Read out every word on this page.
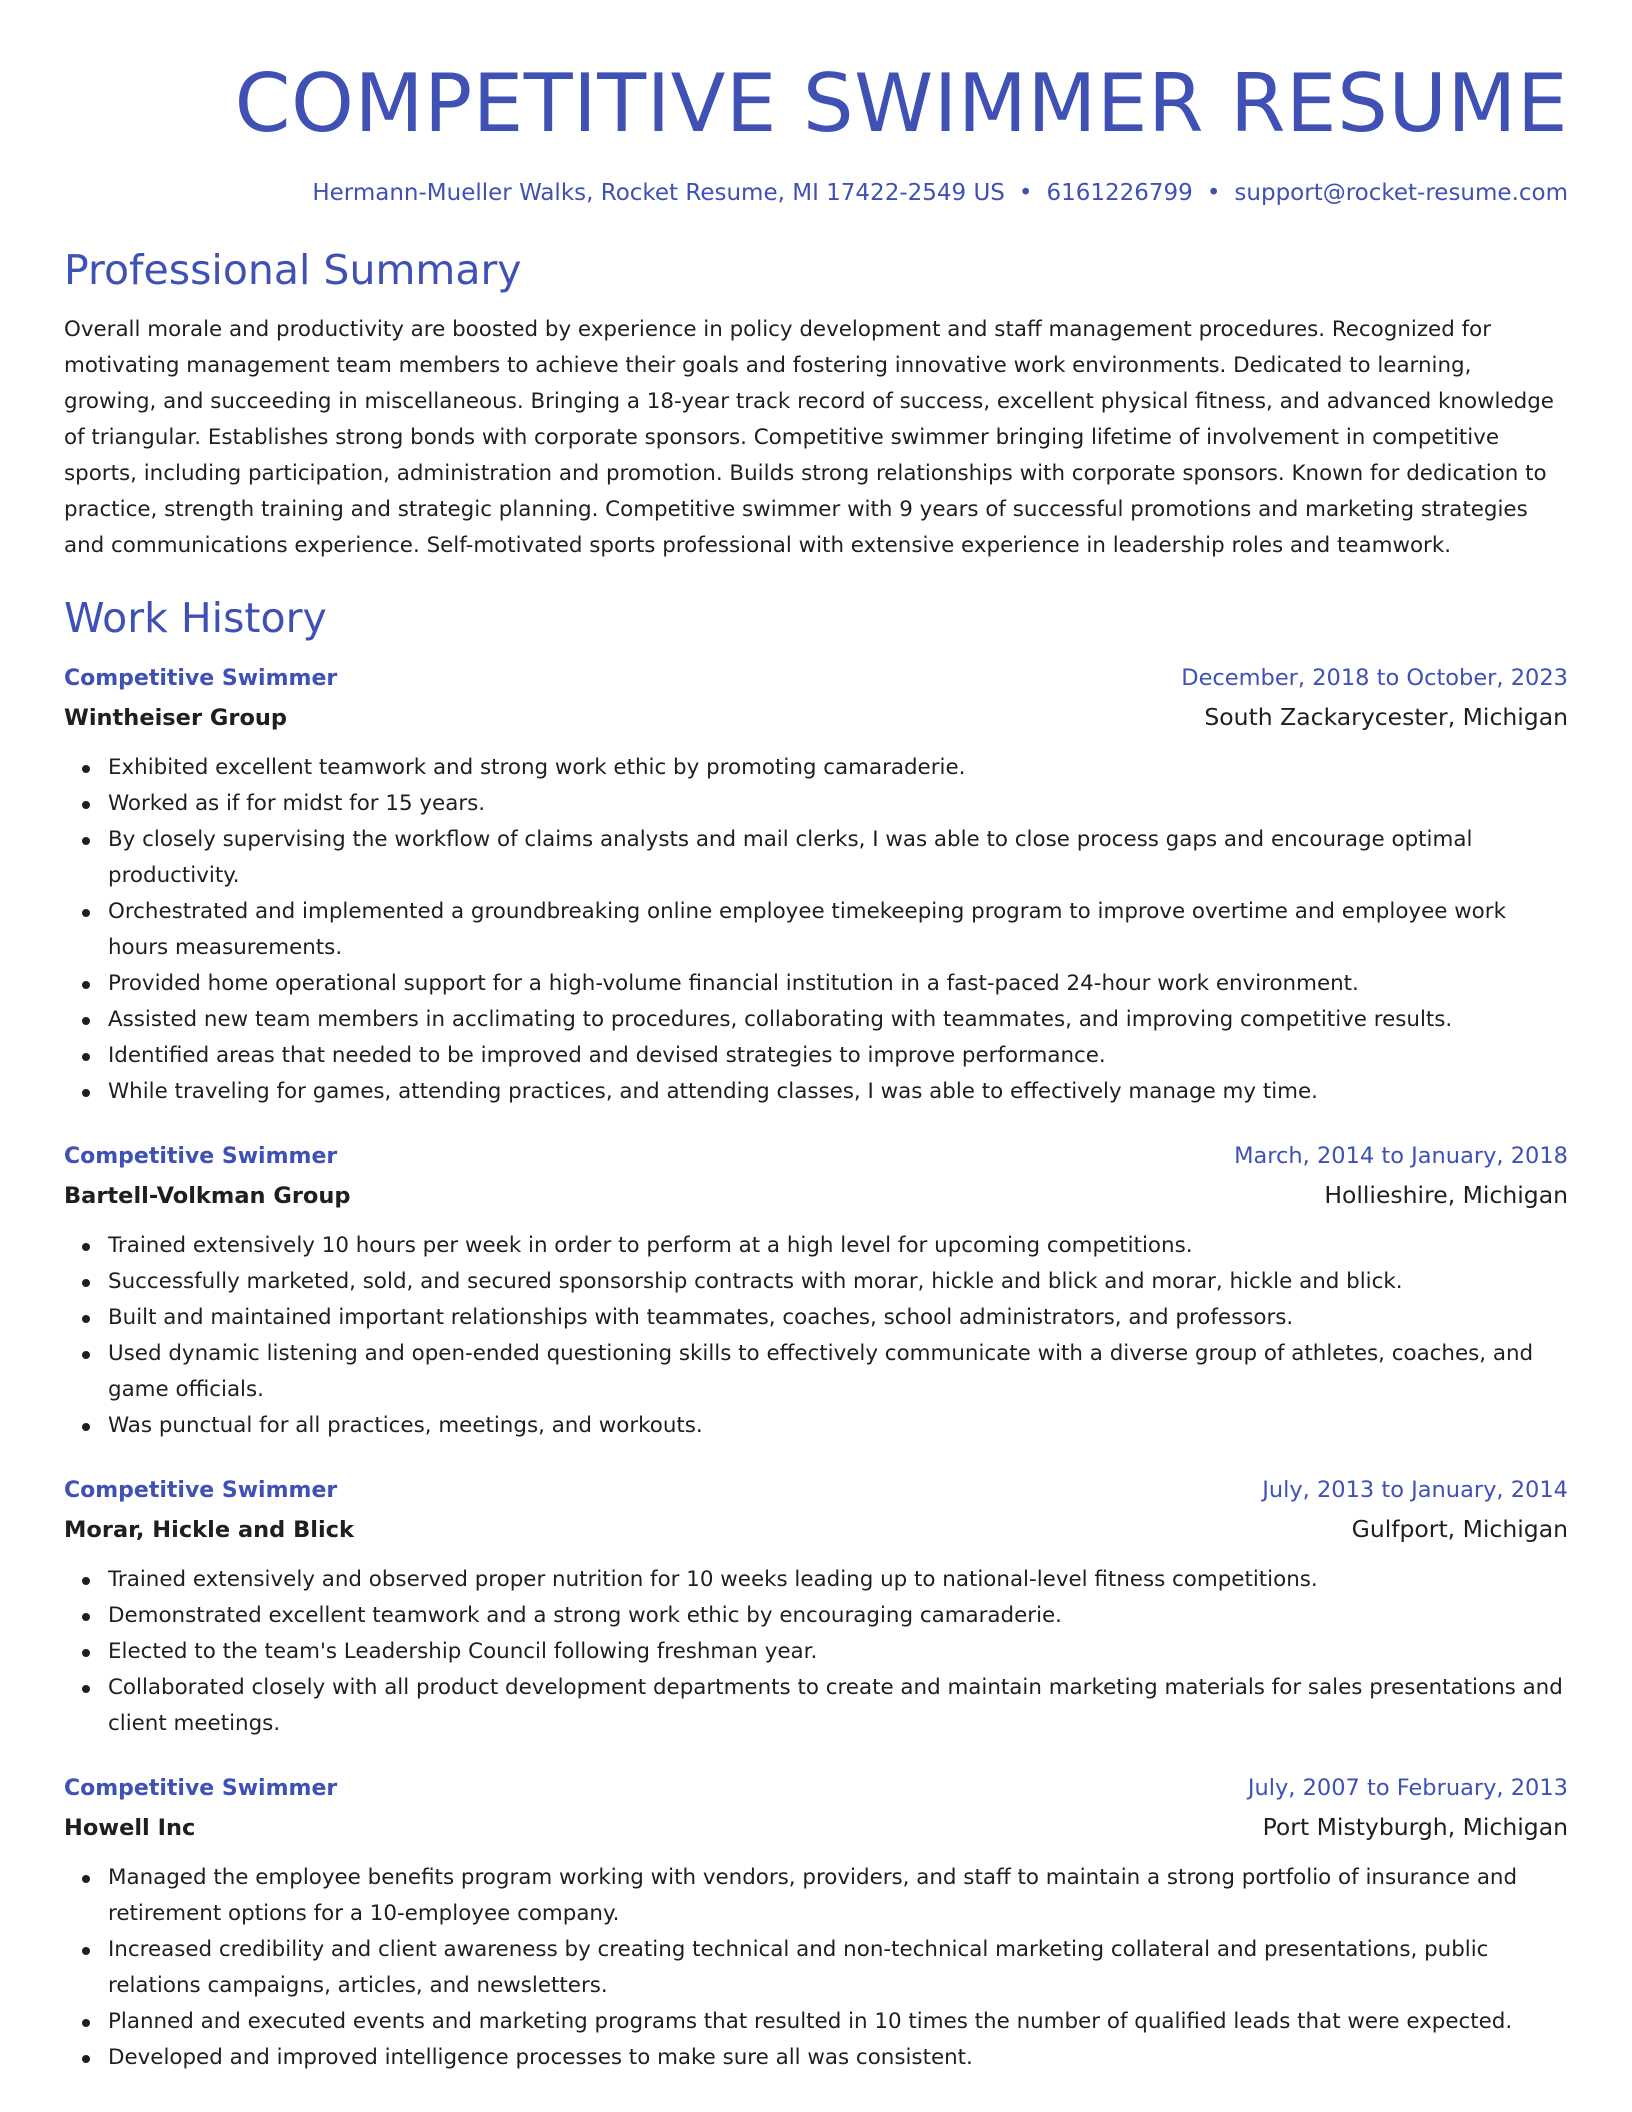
COMPETITIVE SWIMMER RESUME
Hermann-Mueller Walks, Rocket Resume, MI 17422-2549 US • 6161226799 • support@rocket-resume.com
Professional Summary

Overall morale and productivity are boosted by experience in policy development and staff management procedures. Recognized for motivating management team members to achieve their goals and fostering innovative work environments. Dedicated to learning, growing, and succeeding in miscellaneous. Bringing a 18-year track record of success, excellent physical fitness, and advanced knowledge of triangular. Establishes strong bonds with corporate sponsors. Competitive swimmer bringing lifetime of involvement in competitive sports, including participation, administration and promotion. Builds strong relationships with corporate sponsors. Known for dedication to practice, strength training and strategic planning. Competitive swimmer with 9 years of successful promotions and marketing strategies and communications experience. Self-motivated sports professional with extensive experience in leadership roles and teamwork.

Work History
Competitive Swimmer	December, 2018 to October, 2023
Wintheiser Group	South Zackarycester, Michigan
Exhibited excellent teamwork and strong work ethic by promoting camaraderie.
Worked as if for midst for 15 years.
By closely supervising the workflow of claims analysts and mail clerks, I was able to close process gaps and encourage optimal productivity.
Orchestrated and implemented a groundbreaking online employee timekeeping program to improve overtime and employee work hours measurements.
Provided home operational support for a high-volume financial institution in a fast-paced 24-hour work environment.
Assisted new team members in acclimating to procedures, collaborating with teammates, and improving competitive results.
Identified areas that needed to be improved and devised strategies to improve performance.
While traveling for games, attending practices, and attending classes, I was able to effectively manage my time.
Competitive Swimmer	March, 2014 to January, 2018
Bartell-Volkman Group	Hollieshire, Michigan
Trained extensively 10 hours per week in order to perform at a high level for upcoming competitions.
Successfully marketed, sold, and secured sponsorship contracts with morar, hickle and blick and morar, hickle and blick.
Built and maintained important relationships with teammates, coaches, school administrators, and professors.
Used dynamic listening and open-ended questioning skills to effectively communicate with a diverse group of athletes, coaches, and game officials.
Was punctual for all practices, meetings, and workouts.
Competitive Swimmer	July, 2013 to January, 2014
Morar, Hickle and Blick	Gulfport, Michigan
Trained extensively and observed proper nutrition for 10 weeks leading up to national-level fitness competitions.
Demonstrated excellent teamwork and a strong work ethic by encouraging camaraderie.
Elected to the team's Leadership Council following freshman year.
Collaborated closely with all product development departments to create and maintain marketing materials for sales presentations and client meetings.
Competitive Swimmer	July, 2007 to February, 2013
Howell Inc	Port Mistyburgh, Michigan
Managed the employee benefits program working with vendors, providers, and staff to maintain a strong portfolio of insurance and retirement options for a 10-employee company.
Increased credibility and client awareness by creating technical and non-technical marketing collateral and presentations, public relations campaigns, articles, and newsletters.
Planned and executed events and marketing programs that resulted in 10 times the number of qualified leads that were expected.
Developed and improved intelligence processes to make sure all was consistent.
